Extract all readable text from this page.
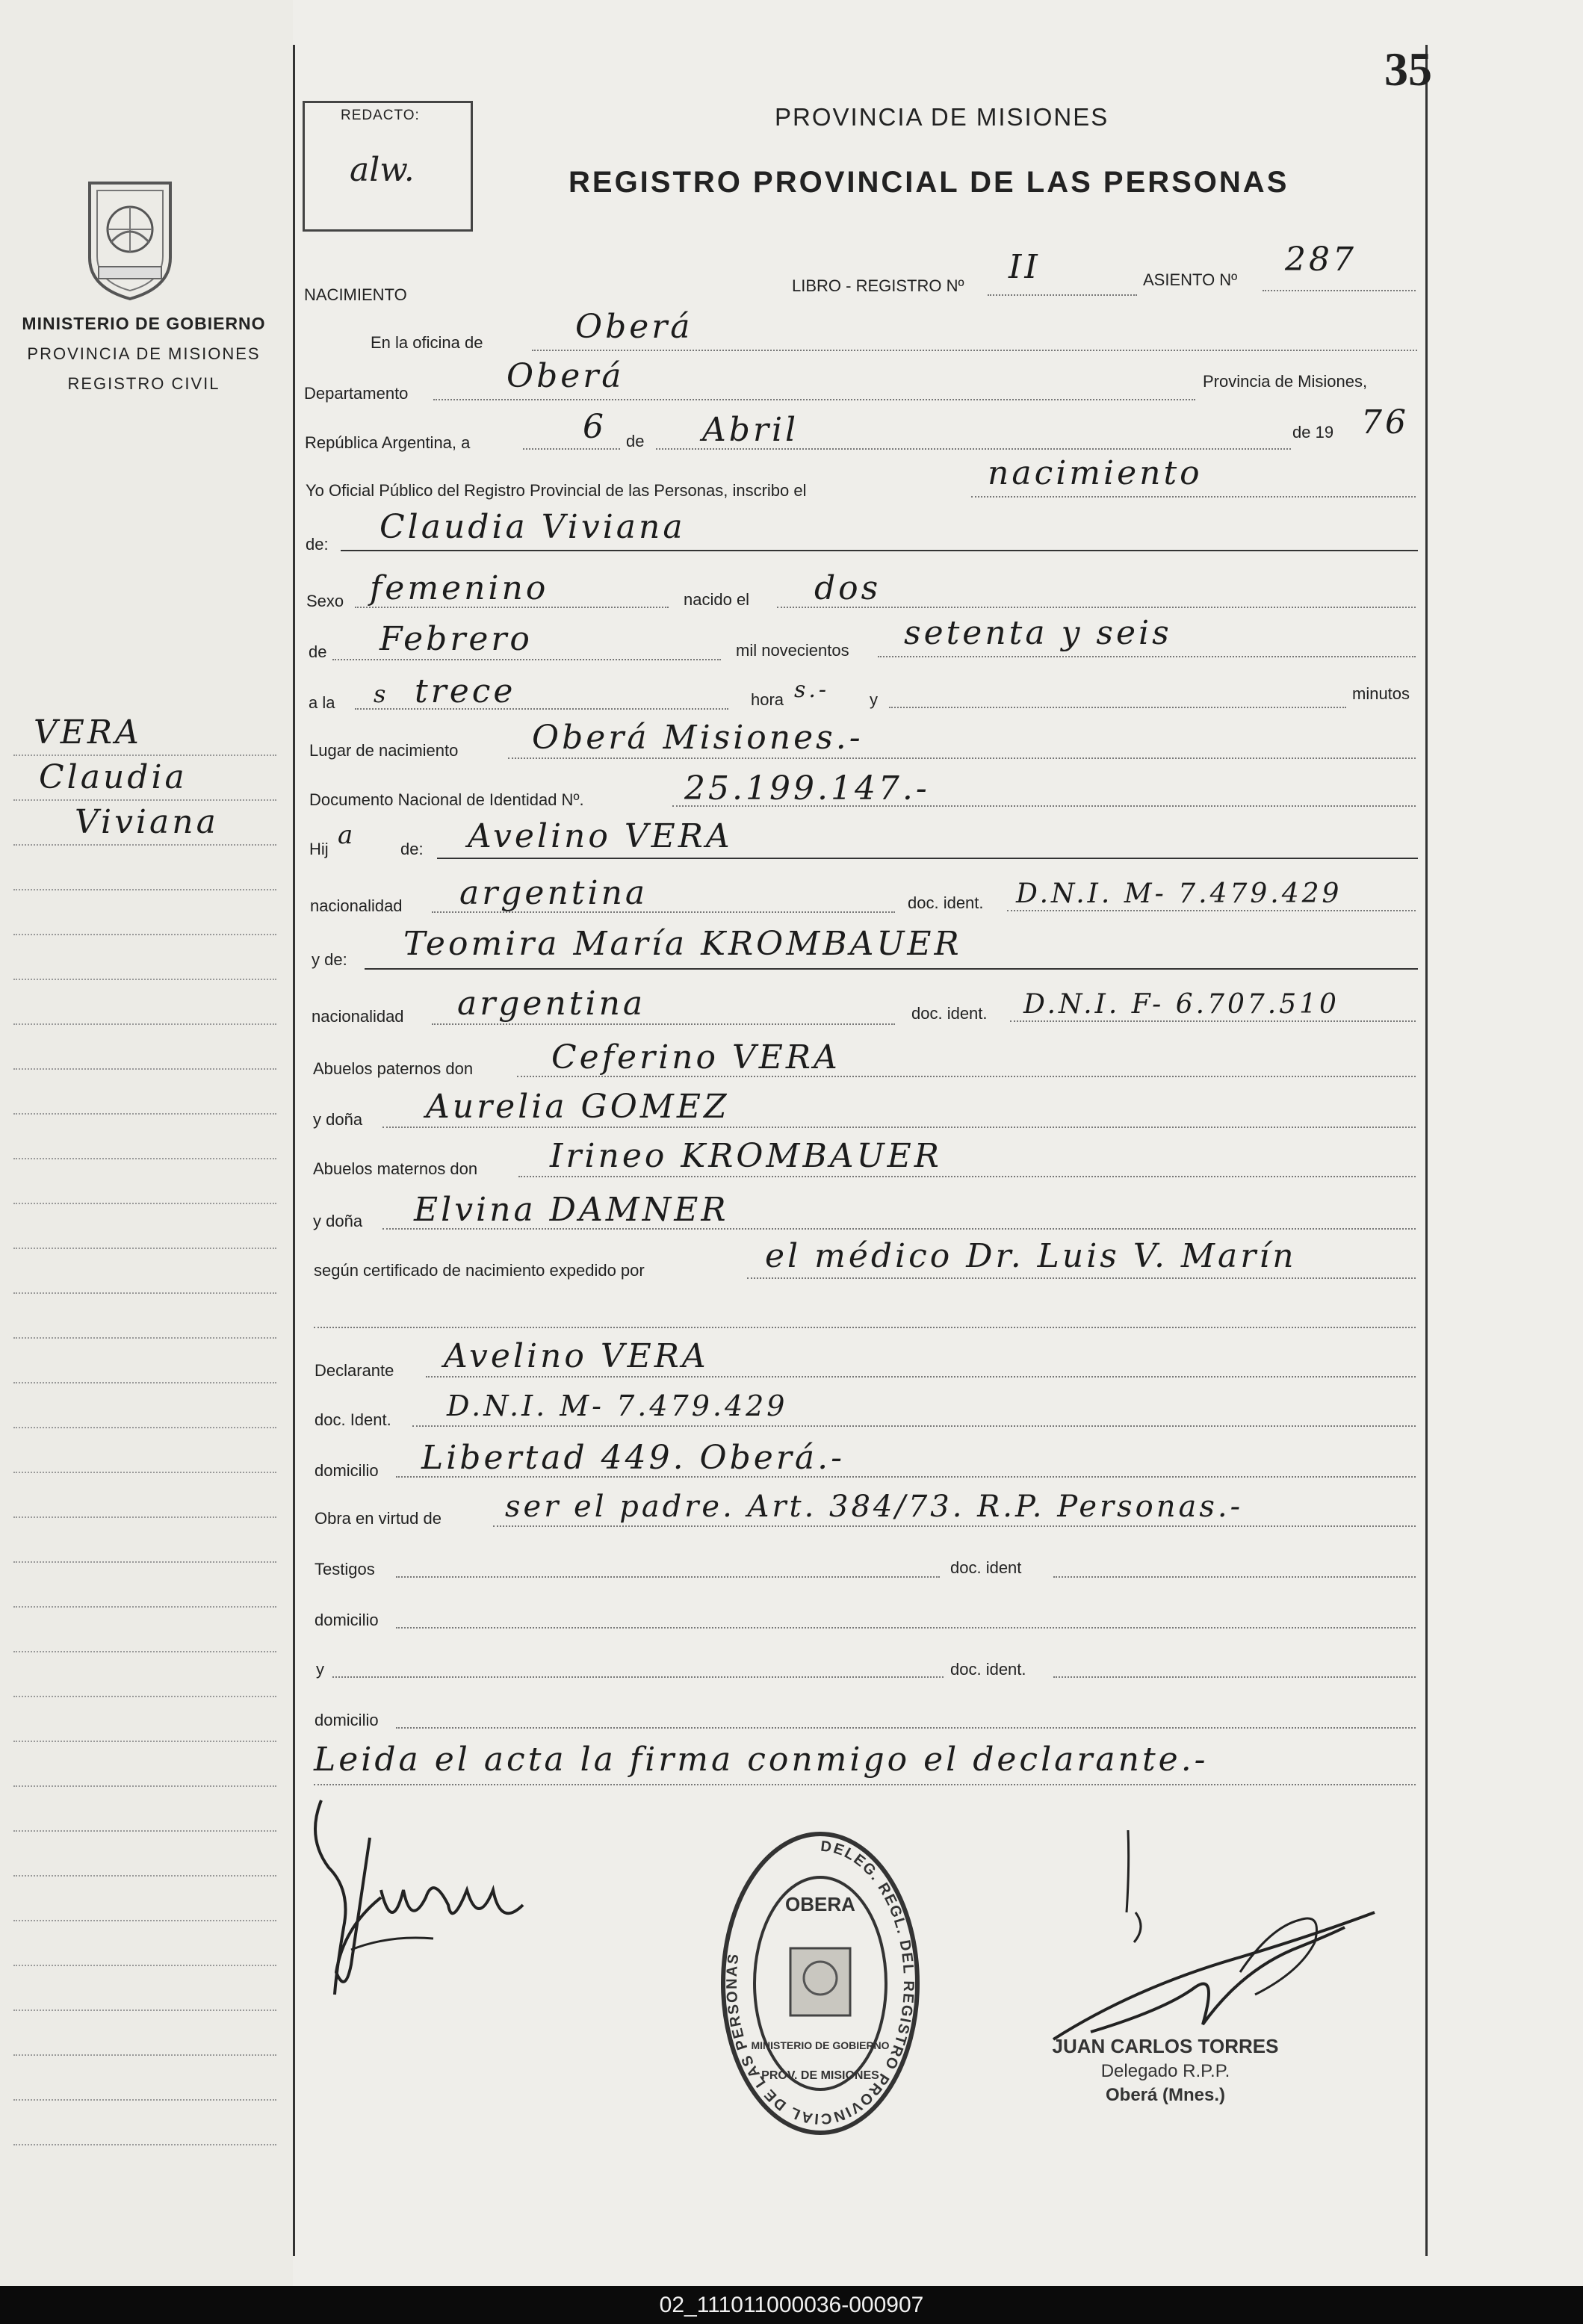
35
MINISTERIO DE GOBIERNO
PROVINCIA DE MISIONES
REGISTRO CIVIL
VERA
Claudia
Viviana
REDACTO:
alw.
PROVINCIA DE MISIONES
REGISTRO PROVINCIAL DE LAS PERSONAS
NACIMIENTO	LIBRO - REGISTRO Nº II	ASIENTO Nº
287
En la oficina de	Oberá
Departamento	Oberá	Provincia de Misiones,
República Argentina, a	6 de Abril	de 19 76
Yo Oficial Público del Registro Provincial de las Personas, inscribo el	nacimiento
de: Claudia Viviana
Sexo femenino	nacido el dos
de Febrero	mil novecientos setenta y seis
a la s trece	hora s.- y	minutos
Lugar de nacimiento Oberá Misiones.-
Documento Nacional de Identidad Nº.	25.199.147.-
Hij a	de: Avelino VERA
nacionalidad argentina	doc. ident. D.N.I. M- 7.479.429
y de: Teomira María KROMBAUER
nacionalidad argentina	doc. ident. D.N.I. F- 6.707.510
Abuelos paternos don Ceferino VERA
y doña Aurelia GOMEZ
Abuelos maternos don Irineo KROMBAUER
y doña Elvina DAMNER
según certificado de nacimiento expedido por	el médico Dr. Luis V. Marín
Declarante Avelino VERA
doc. Ident. D.N.I. M- 7.479.429
domicilio Libertad 449. Oberá.-
Obra en virtud de ser el padre. Art. 384/73. R.P. Personas.-
Testigos	doc. ident
domicilio
y	doc. ident.
domicilio
Leida el acta la firma conmigo el declarante.-
DELEG. REGL. DEL REGISTRO PROVINCIAL DE LAS PERSONAS
OBERA
MINISTERIO DE GOBIERNO
PROV. DE MISIONES
JUAN CARLOS TORRES
Delegado R.P.P.
Oberá (Mnes.)
02_111011000036-000907
